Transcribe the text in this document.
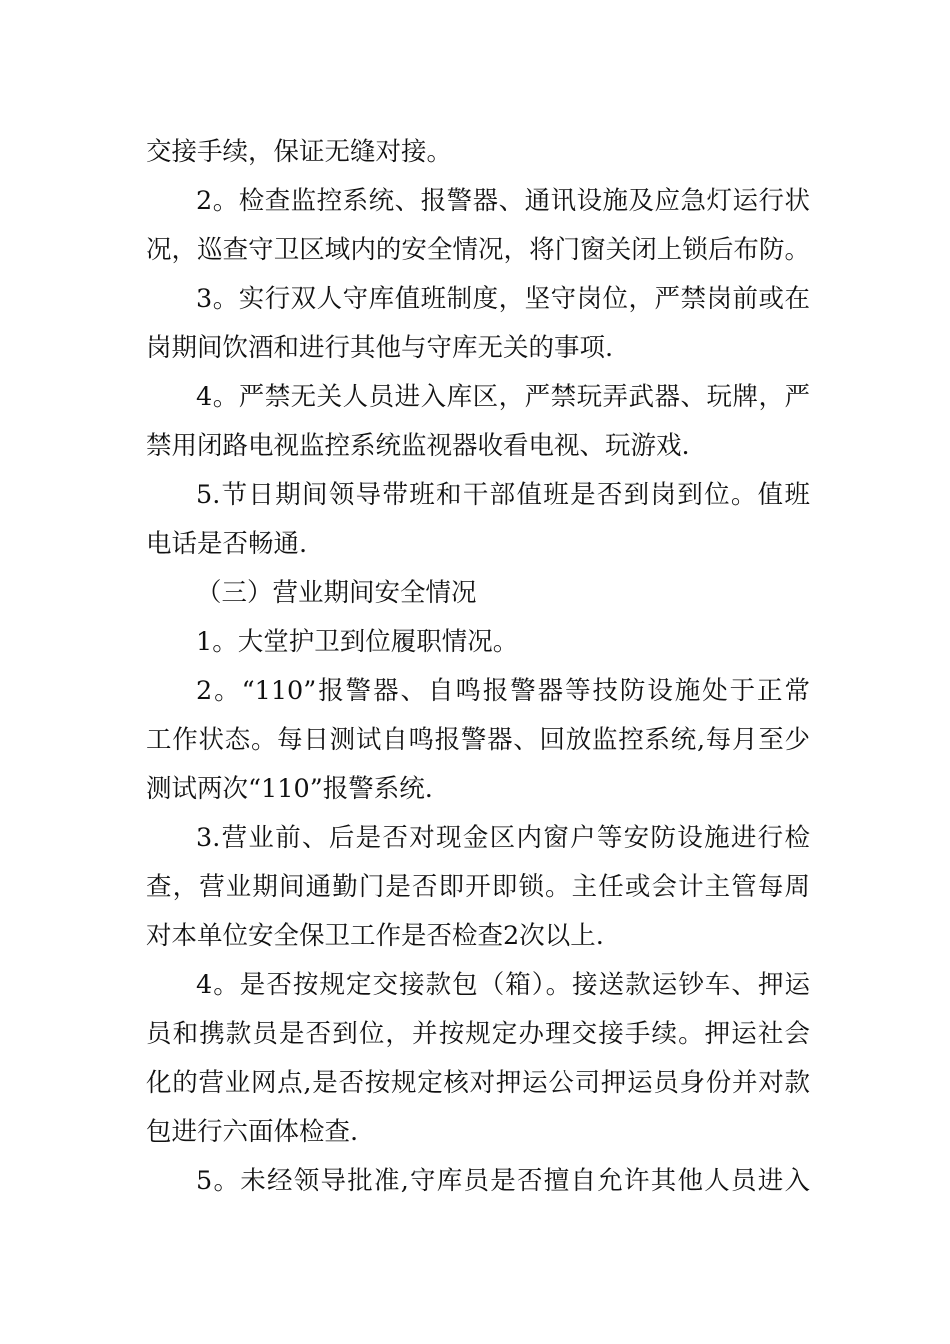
交接手续，保证无缝对接。
2。检查监控系统、报警器、通讯设施及应急灯运行状
况，巡查守卫区域内的安全情况，将门窗关闭上锁后布防。
3。实行双人守库值班制度，坚守岗位，严禁岗前或在
岗期间饮酒和进行其他与守库无关的事项.
4。严禁无关人员进入库区，严禁玩弄武器、玩牌，严
禁用闭路电视监控系统监视器收看电视、玩游戏.
5.节日期间领导带班和干部值班是否到岗到位。值班
电话是否畅通.
（三）营业期间安全情况
1。大堂护卫到位履职情况。
2。“110”报警器、自鸣报警器等技防设施处于正常
工作状态。每日测试自鸣报警器、回放监控系统,每月至少
测试两次“110”报警系统.
3.营业前、后是否对现金区内窗户等安防设施进行检
查，营业期间通勤门是否即开即锁。主任或会计主管每周
对本单位安全保卫工作是否检查2次以上.
4。是否按规定交接款包（箱）。接送款运钞车、押运
员和携款员是否到位，并按规定办理交接手续。押运社会
化的营业网点,是否按规定核对押运公司押运员身份并对款
包进行六面体检查.
5。未经领导批准,守库员是否擅自允许其他人员进入
